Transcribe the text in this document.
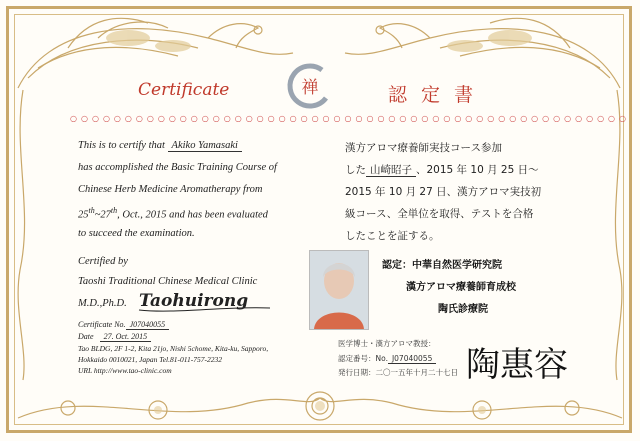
Certificate	認定書
禅
○○○○○○○○○○○○○○○○○○○○○○○○○○○○○○○○○○○○○○○○○○○○○○○○○○○
This is to certify that Akiko Yamasaki
has accomplished the Basic Training Course of
Chinese Herb Medicine Aromatherapy from
25th~27th, Oct., 2015 and has been evaluated
to succeed the examination.
Certified by
Taoshi Traditional Chinese Medical Clinic
M.D.,Ph.D. Taohuirong
Certificate No. J07040055
Date 27. Oct. 2015
Tao BLDG, 2F 1-2, Kita 21jo, Nishi 5chome, Kita-ku, Sapporo,
Hokkaido 0010021, Japan Tel.81-011-757-2232
URL http://www.tao-clinic.com
漢方アロマ療養師実技コース参加
した 山崎昭子 、2015 年 10 月 25 日～
2015 年 10 月 27 日、漢方アロマ実技初
級コース、全単位を取得、テストを合格
したことを証する。
認定：中華自然医学研究院
漢方アロマ療養師育成校
陶氏診療院
医学博士・漢方アロマ教授：
認定番号：No. J07040055
発行日期：二〇一五年十月二十七日 陶惠容
